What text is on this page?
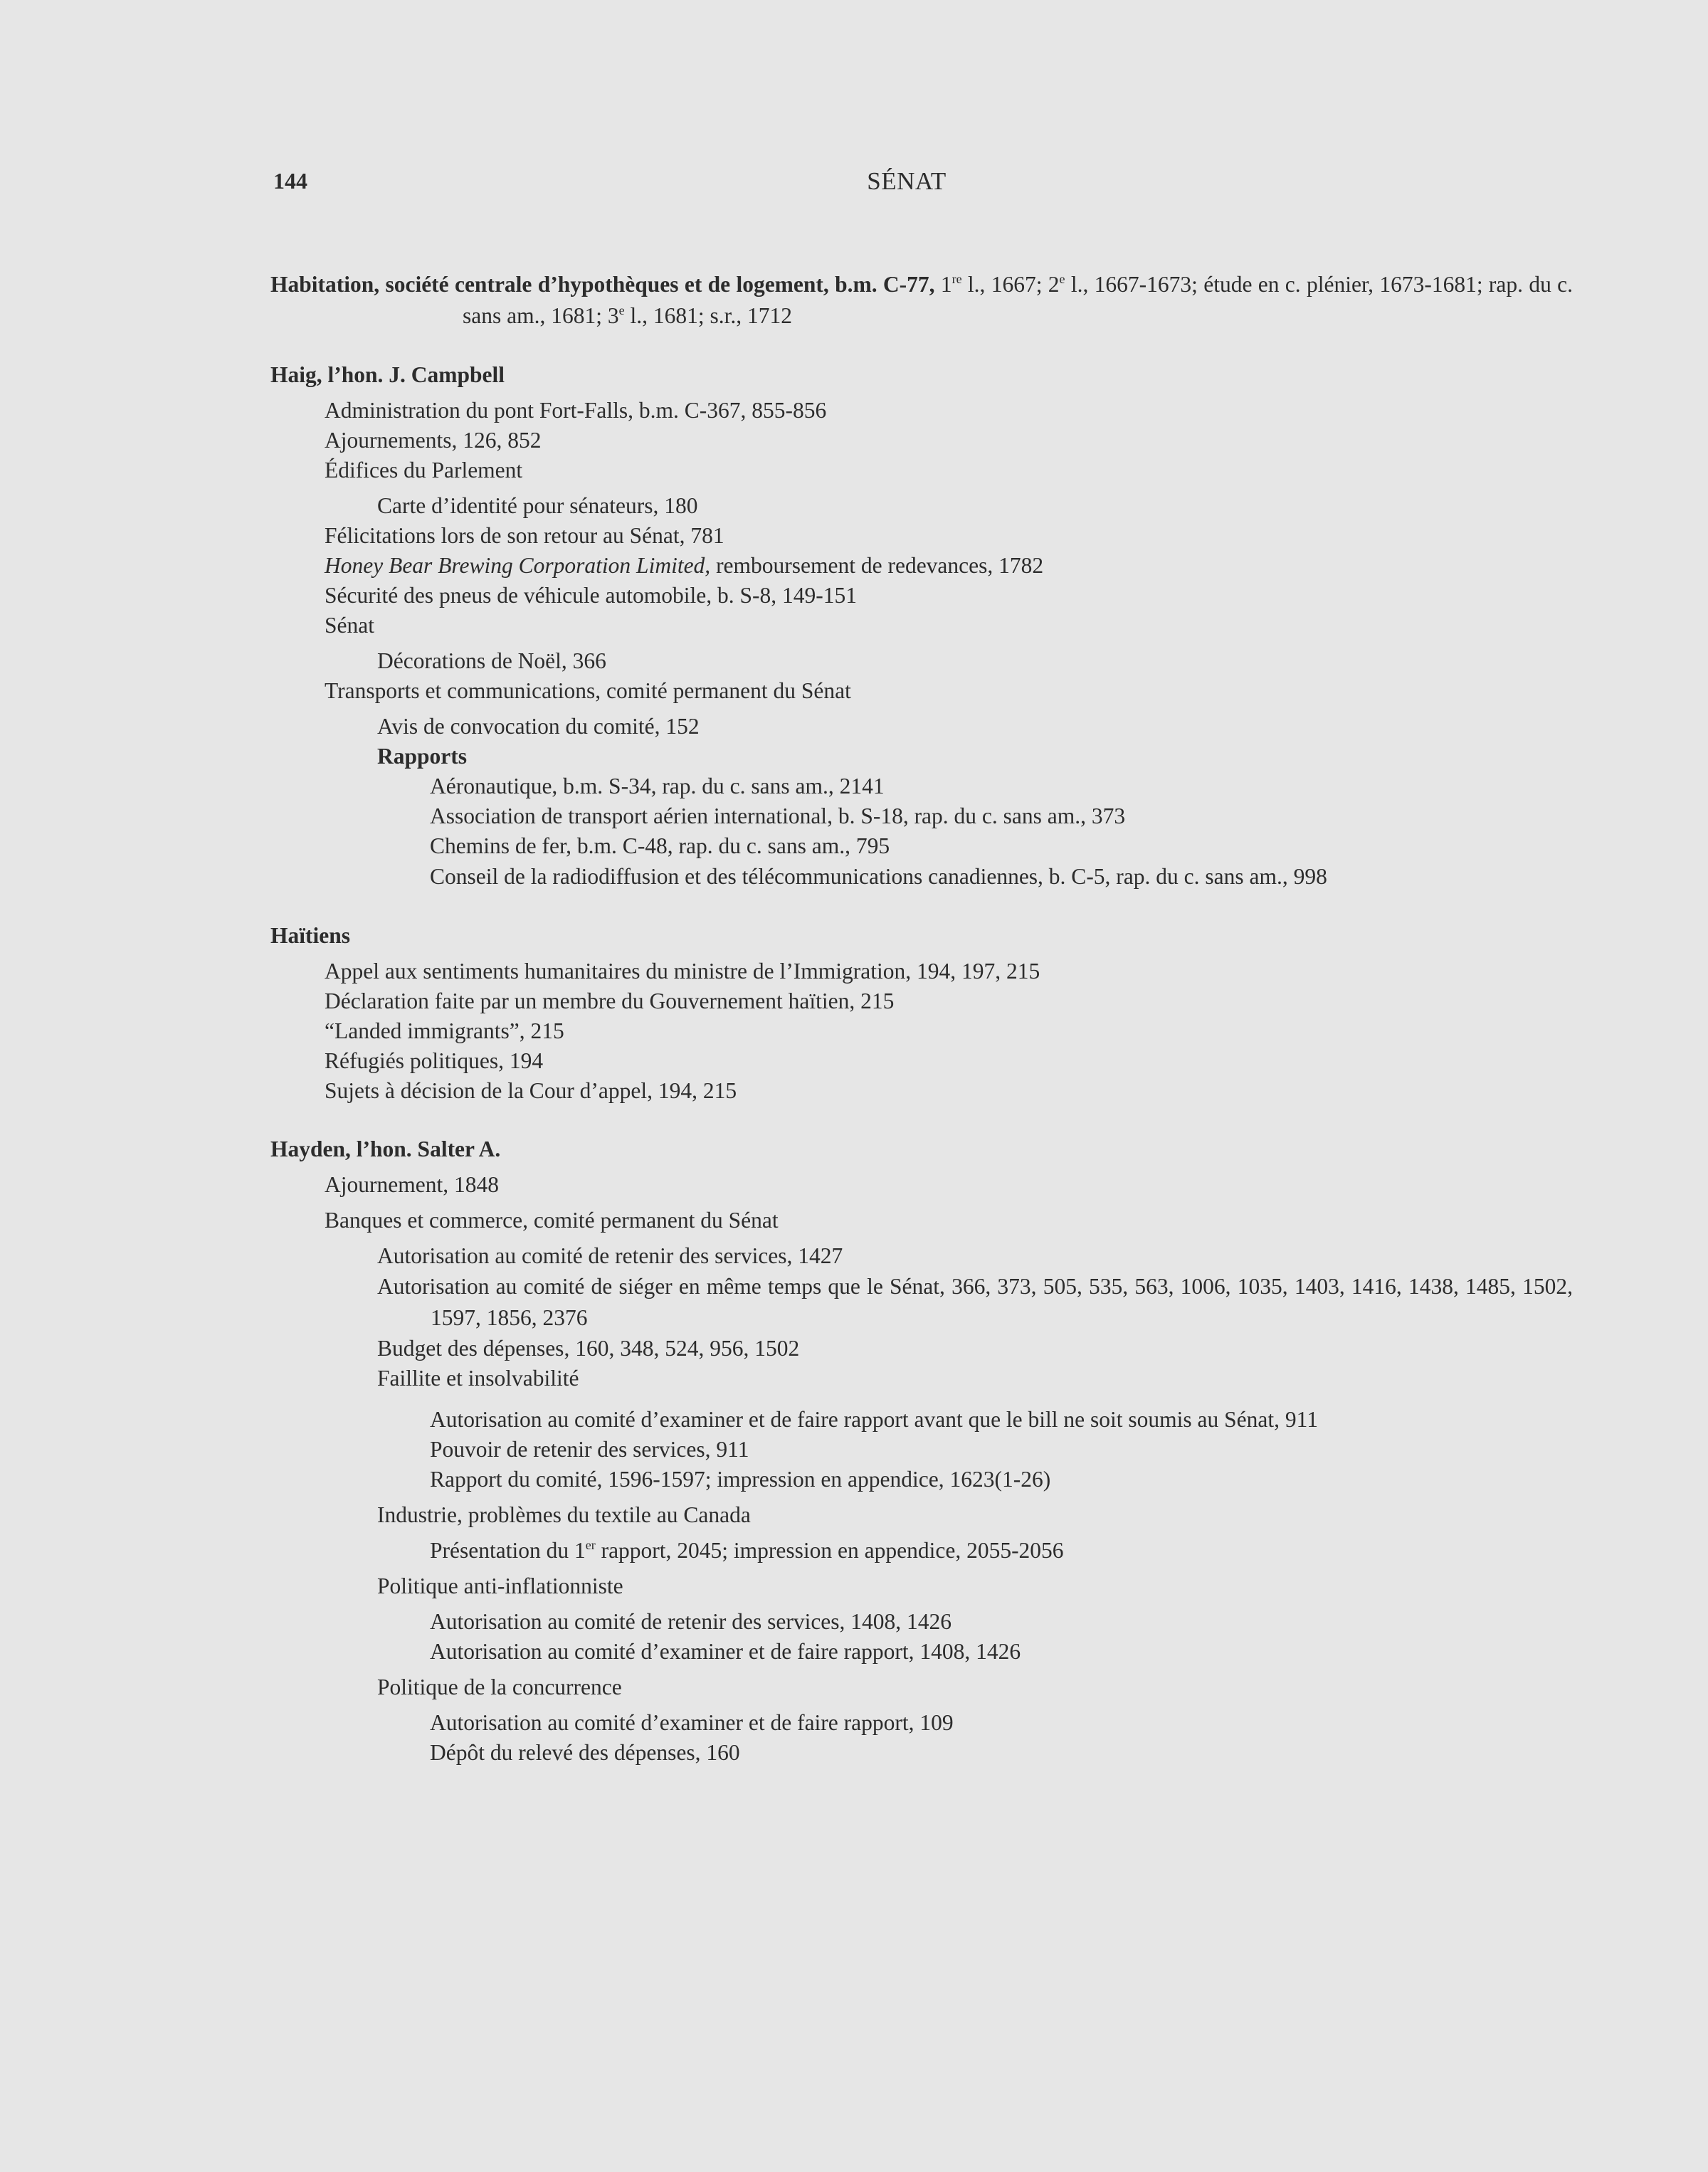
144	SÉNAT
Habitation, société centrale d’hypothèques et de logement, b.m. C-77, 1re l., 1667; 2e l., 1667-1673; étude en c. plénier, 1673-1681; rap. du c. sans am., 1681; 3e l., 1681; s.r., 1712
Haig, l’hon. J. Campbell
Administration du pont Fort-Falls, b.m. C-367, 855-856
Ajournements, 126, 852
Édifices du Parlement
Carte d’identité pour sénateurs, 180
Félicitations lors de son retour au Sénat, 781
Honey Bear Brewing Corporation Limited, remboursement de redevances, 1782
Sécurité des pneus de véhicule automobile, b. S-8, 149-151
Sénat
Décorations de Noël, 366
Transports et communications, comité permanent du Sénat
Avis de convocation du comité, 152
Rapports
Aéronautique, b.m. S-34, rap. du c. sans am., 2141
Association de transport aérien international, b. S-18, rap. du c. sans am., 373
Chemins de fer, b.m. C-48, rap. du c. sans am., 795
Conseil de la radiodiffusion et des télécommunications canadiennes, b. C-5, rap. du c. sans am., 998
Haïtiens
Appel aux sentiments humanitaires du ministre de l’Immigration, 194, 197, 215
Déclaration faite par un membre du Gouvernement haïtien, 215
“Landed immigrants”, 215
Réfugiés politiques, 194
Sujets à décision de la Cour d’appel, 194, 215
Hayden, l’hon. Salter A.
Ajournement, 1848
Banques et commerce, comité permanent du Sénat
Autorisation au comité de retenir des services, 1427
Autorisation au comité de siéger en même temps que le Sénat, 366, 373, 505, 535, 563, 1006, 1035, 1403, 1416, 1438, 1485, 1502, 1597, 1856, 2376
Budget des dépenses, 160, 348, 524, 956, 1502
Faillite et insolvabilité
Autorisation au comité d’examiner et de faire rapport avant que le bill ne soit soumis au Sénat, 911
Pouvoir de retenir des services, 911
Rapport du comité, 1596-1597; impression en appendice, 1623(1-26)
Industrie, problèmes du textile au Canada
Présentation du 1er rapport, 2045; impression en appendice, 2055-2056
Politique anti-inflationniste
Autorisation au comité de retenir des services, 1408, 1426
Autorisation au comité d’examiner et de faire rapport, 1408, 1426
Politique de la concurrence
Autorisation au comité d’examiner et de faire rapport, 109
Dépôt du relevé des dépenses, 160
